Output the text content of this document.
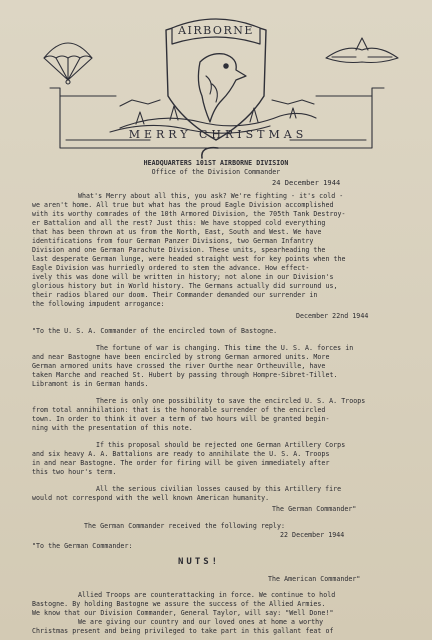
AIRBORNE
MERRY CHRISTMAS
HEADQUARTERS 101ST AIRBORNE DIVISION
Office of the Division Commander
24 December 1944
What's Merry about all this, you ask? We're fighting - it's cold -
we aren't home. All true but what has the proud Eagle Division accomplished
with its worthy comrades of the 10th Armored Division, the 705th Tank Destroy-
er Battalion and all the rest? Just this: We have stopped cold everything
that has been thrown at us from the North, East, South and West. We have
identifications from four German Panzer Divisions, two German Infantry
Division and one German Parachute Division. These units, spearheading the
last desperate German lunge, were headed straight west for key points when the
Eagle Division was hurriedly ordered to stem the advance. How effect-
ively this was done will be written in history; not alone in our Division's
glorious history but in World history. The Germans actually did surround us,
their radios blared our doom. Their Commander demanded our surrender in
the following impudent arrogance:
December 22nd 1944
"To the U. S. A. Commander of the encircled town of Bastogne.
The fortune of war is changing. This time the U. S. A. forces in
and near Bastogne have been encircled by strong German armored units. More
German armored units have crossed the river Ourthe near Ortheuville, have
taken Marche and reached St. Hubert by passing through Hompre-Sibret-Tillet.
Libramont is in German hands.
There is only one possibility to save the encircled U. S. A. Troops
from total annihilation: that is the honorable surrender of the encircled
town. In order to think it over a term of two hours will be granted begin-
ning with the presentation of this note.
If this proposal should be rejected one German Artillery Corps
and six heavy A. A. Battalions are ready to annihilate the U. S. A. Troops
in and near Bastogne. The order for firing will be given immediately after
this two hour's term.
All the serious civilian losses caused by this Artillery fire
would not correspond with the well known American humanity.
The German Commander"
The German Commander received the following reply:
22 December 1944
"To the German Commander:
NUTS!
The American Commander"
Allied Troops are counterattacking in force. We continue to hold
Bastogne. By holding Bastogne we assure the success of the Allied Armies.
We know that our Division Commander, General Taylor, will say: "Well Done!"
We are giving our country and our loved ones at home a worthy
Christmas present and being privileged to take part in this gallant feat of
